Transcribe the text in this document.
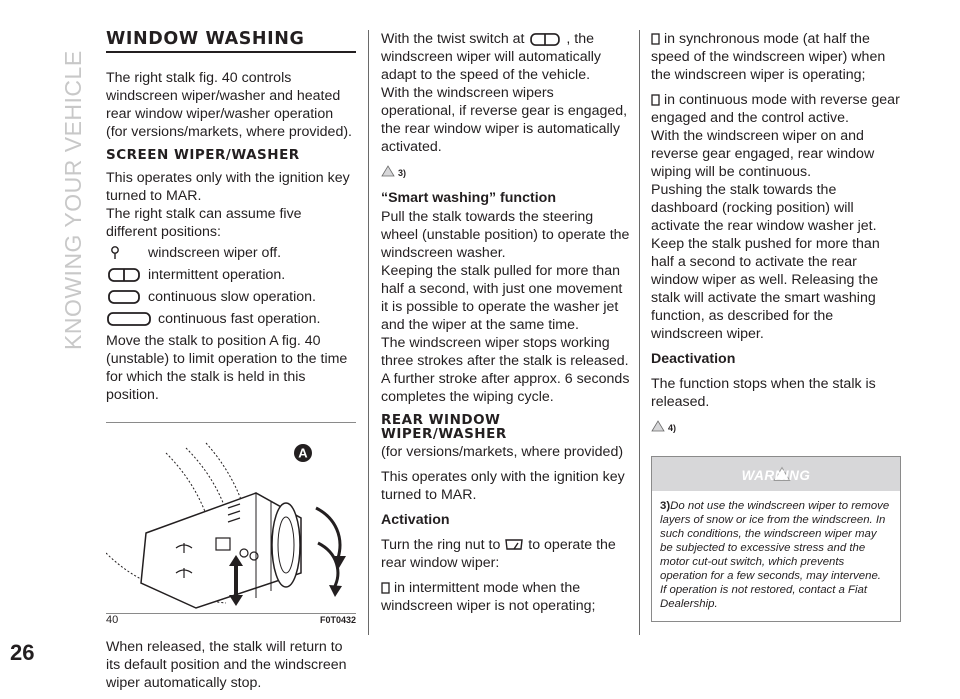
KNOWING YOUR VEHICLE
26
WINDOW WASHING

The right stalk fig. 40 controls windscreen wiper/washer and heated rear window wiper/washer operation (for versions/markets, where provided).

SCREEN WIPER/WASHER

This operates only with the ignition key turned to MAR.

The right stalk can assume five different positions:

windscreen wiper off.
intermittent operation.
continuous slow operation.
continuous fast operation.

Move the stalk to position A fig. 40 (unstable) to limit operation to the time for which the stalk is held in this position.

A
40	F0T0432

When released, the stalk will return to its default position and the windscreen wiper automatically stop.

With the twist switch at	, the windscreen wiper will automatically adapt to the speed of the vehicle.

With the windscreen wipers operational, if reverse gear is engaged, the rear window wiper is automatically activated.

$^{3)}$
“Smart washing” function

Pull the stalk towards the steering wheel (unstable position) to operate the windscreen washer.

Keeping the stalk pulled for more than half a second, with just one movement it is possible to operate the washer jet and the wiper at the same time.

The windscreen wiper stops working three strokes after the stalk is released. A further stroke after approx. 6 seconds completes the wiping cycle.

REAR WINDOW WIPER/WASHER

(for versions/markets, where provided)

This operates only with the ignition key turned to MAR.

Activation

Turn the ring nut to to operate the rear window wiper:

in intermittent mode when the windscreen wiper is not operating;

in synchronous mode (at half the speed of the windscreen wiper) when the windscreen wiper is operating;

in continuous mode with reverse gear engaged and the control active.

With the windscreen wiper on and reverse gear engaged, rear window wiping will be continuous.

Pushing the stalk towards the dashboard (rocking position) will activate the rear window washer jet. Keep the stalk pushed for more than half a second to activate the rear window wiper as well. Releasing the stalk will activate the smart washing function, as described for the windscreen wiper.

Deactivation

The function stops when the stalk is released.

$^{4)}$
WARNING
3)Do not use the windscreen wiper to remove layers of snow or ice from the windscreen. In such conditions, the windscreen wiper may be subjected to excessive stress and the motor cut-out switch, which prevents operation for a few seconds, may intervene. If operation is not restored, contact a Fiat Dealership.
